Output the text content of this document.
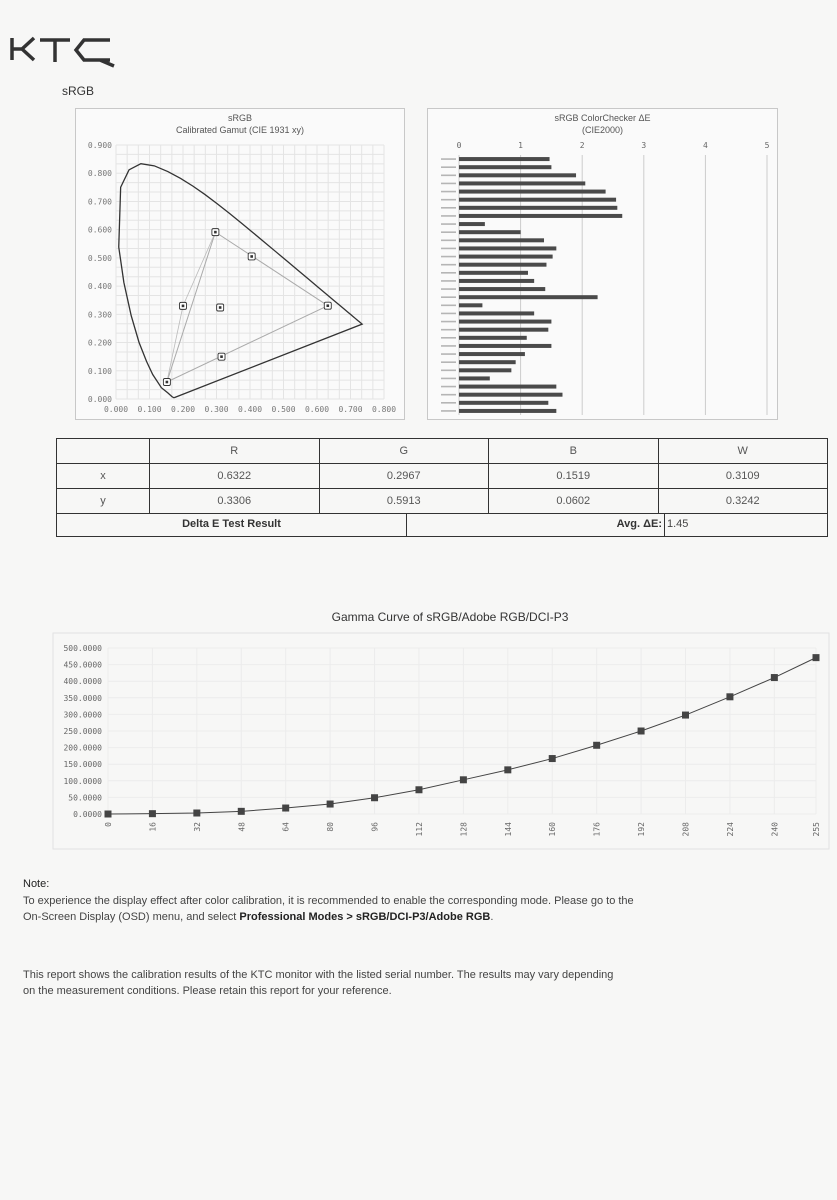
sRGB
sRGB
Calibrated Gamut (CIE 1931 xy)
0.900
0.800
0.700
0.600
0.500
0.400
0.300
0.200
0.100
0.000
0.000 0.100 0.200 0.300 0.400 0.500 0.600 0.700 0.800
sRGB ColorChecker ΔE
(CIE2000)
0	1	2	3	4	5
	R	G	B	W
x	0.6322	0.2967	0.1519	0.3109
y	0.3306	0.5913	0.0602	0.3242
Delta E Test Result	Avg. ΔE: 1.45
Gamma Curve of sRGB/Adobe RGB/DCI-P3
500.0000
450.0000
400.0000
350.0000
300.0000
250.0000
200.0000
150.0000
100.0000
50.0000
0.0000
0	16	32	48	64	80	96	112	128	144	160	176	192	208	224	240	255
Note:
To experience the display effect after color calibration, it is recommended to enable the corresponding mode. Please go to the
On-Screen Display (OSD) menu, and select Professional Modes > sRGB/DCI-P3/Adobe RGB.
This report shows the calibration results of the KTC monitor with the listed serial number. The results may vary depending
on the measurement conditions. Please retain this report for your reference.
